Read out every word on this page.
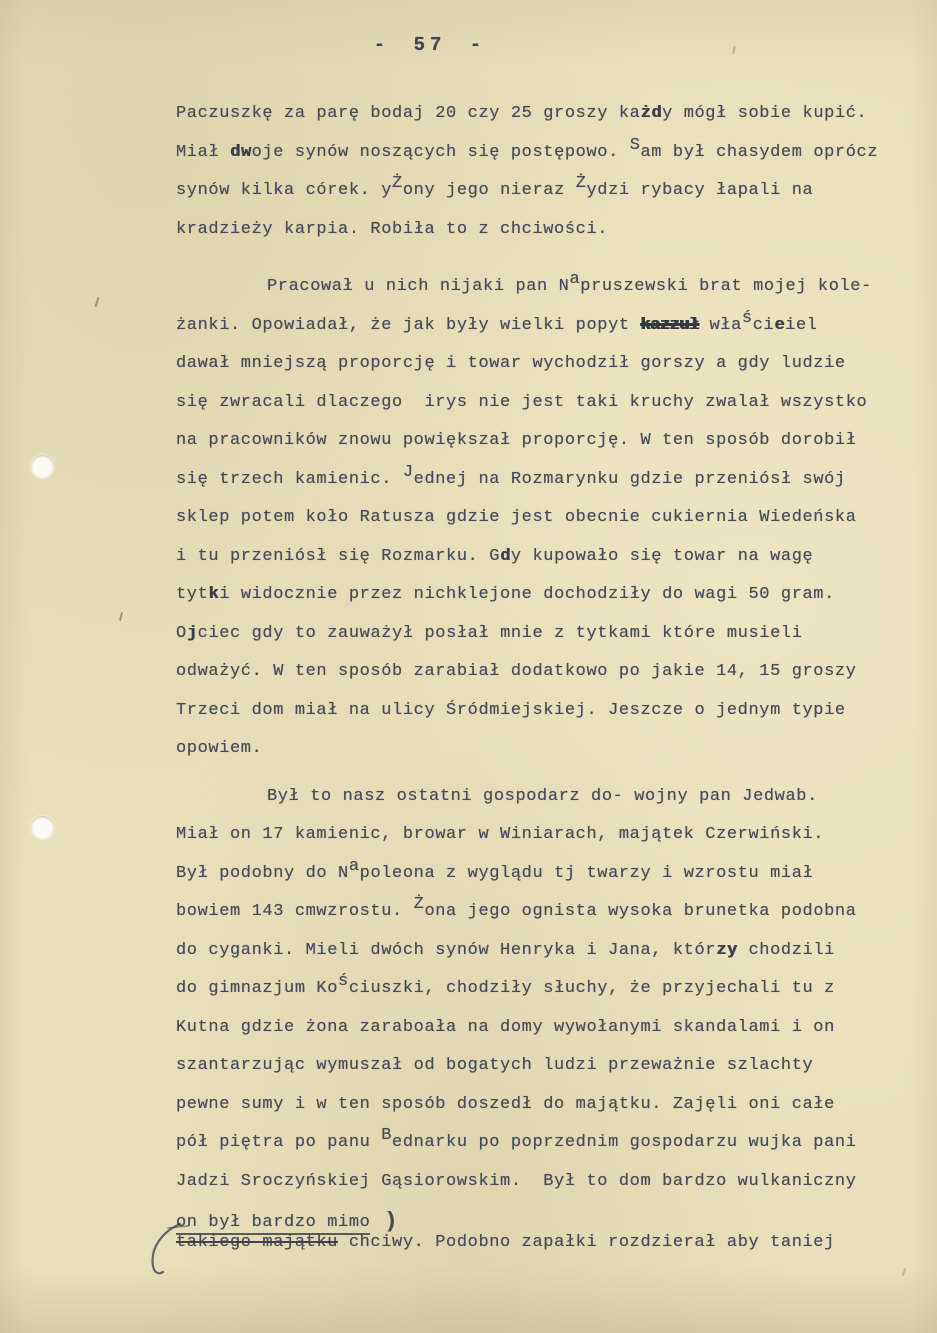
- 57 -
Paczuszkę za parę bodaj 20 czy 25 groszy każdy mógł sobie kupić.
Miał dwoje synów noszących się postępowo. Sam był chasydem oprócz
synów kilka córek. yŻony jego nieraz Żydzi rybacy łapali na
kradzieży karpia. Robiła to z chciwości.
Pracował u nich nijaki pan Napruszewski brat mojej kole-
żanki. Opowiadał, że jak były wielki popyt kazzuł właścieiel
dawał mniejszą proporcję i towar wychodził gorszy a gdy ludzie
się zwracali dlaczego  irys nie jest taki kruchy zwalał wszystko
na pracowników znowu powiększał proporcję. W ten sposób dorobił
się trzech kamienic. Jednej na Rozmarynku gdzie przeniósł swój
sklep potem koło Ratusza gdzie jest obecnie cukiernia Wiedeńska
i tu przeniósł się Rozmarku. Gdy kupowało się towar na wagę
tytki widocznie przez nichklejone dochodziły do wagi 50 gram.
Ojciec gdy to zauważył posłał mnie z tytkami które musieli
odważyć. W ten sposób zarabiał dodatkowo po jakie 14, 15 groszy
Trzeci dom miał na ulicy Śródmiejskiej. Jeszcze o jednym typie
opowiem.
Był to nasz ostatni gospodarz do- wojny pan Jedwab.
Miał on 17 kamienic, browar w Winiarach, majątek Czerwiński.
Był podobny do Napoleona z wyglądu tj twarzy i wzrostu miał
bowiem 143 cmwzrostu. Żona jego ognista wysoka brunetka podobna
do cyganki. Mieli dwóch synów Henryka i Jana, którzy chodzili
do gimnazjum Kościuszki, chodziły słuchy, że przyjechali tu z
Kutna gdzie żona zaraboała na domy wywołanymi skandalami i on
szantarzując wymuszał od bogatych ludzi przeważnie szlachty
pewne sumy i w ten sposób doszedł do majątku. Zajęli oni całe
pół piętra po panu Bednarku po poprzednim gospodarzu wujka pani
Jadzi Sroczyńskiej Gąsiorowskim.  Był to dom bardzo wulkaniczny
on był bardzo mimo )
takiego majątku chciwy. Podobno zapałki rozdzierał aby taniej
